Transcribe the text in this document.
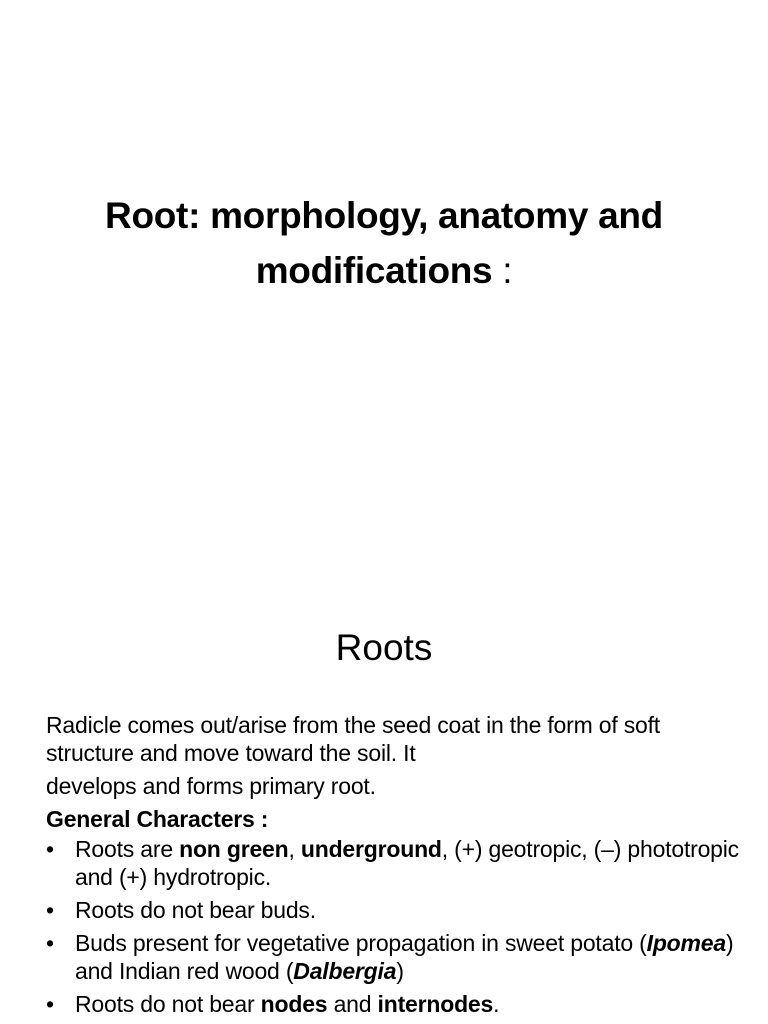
Root: morphology, anatomy and
modifications :
Roots

Radicle comes out/arise from the seed coat in the form of soft structure and move toward the soil. It

develops and forms primary root.

General Characters :
• Roots are non green, underground, (+) geotropic, (–) phototropic and (+) hydrotropic.
• Roots do not bear buds.
• Buds present for vegetative propagation in sweet potato (Ipomea) and Indian red wood (Dalbergia)
• Roots do not bear nodes and internodes.
